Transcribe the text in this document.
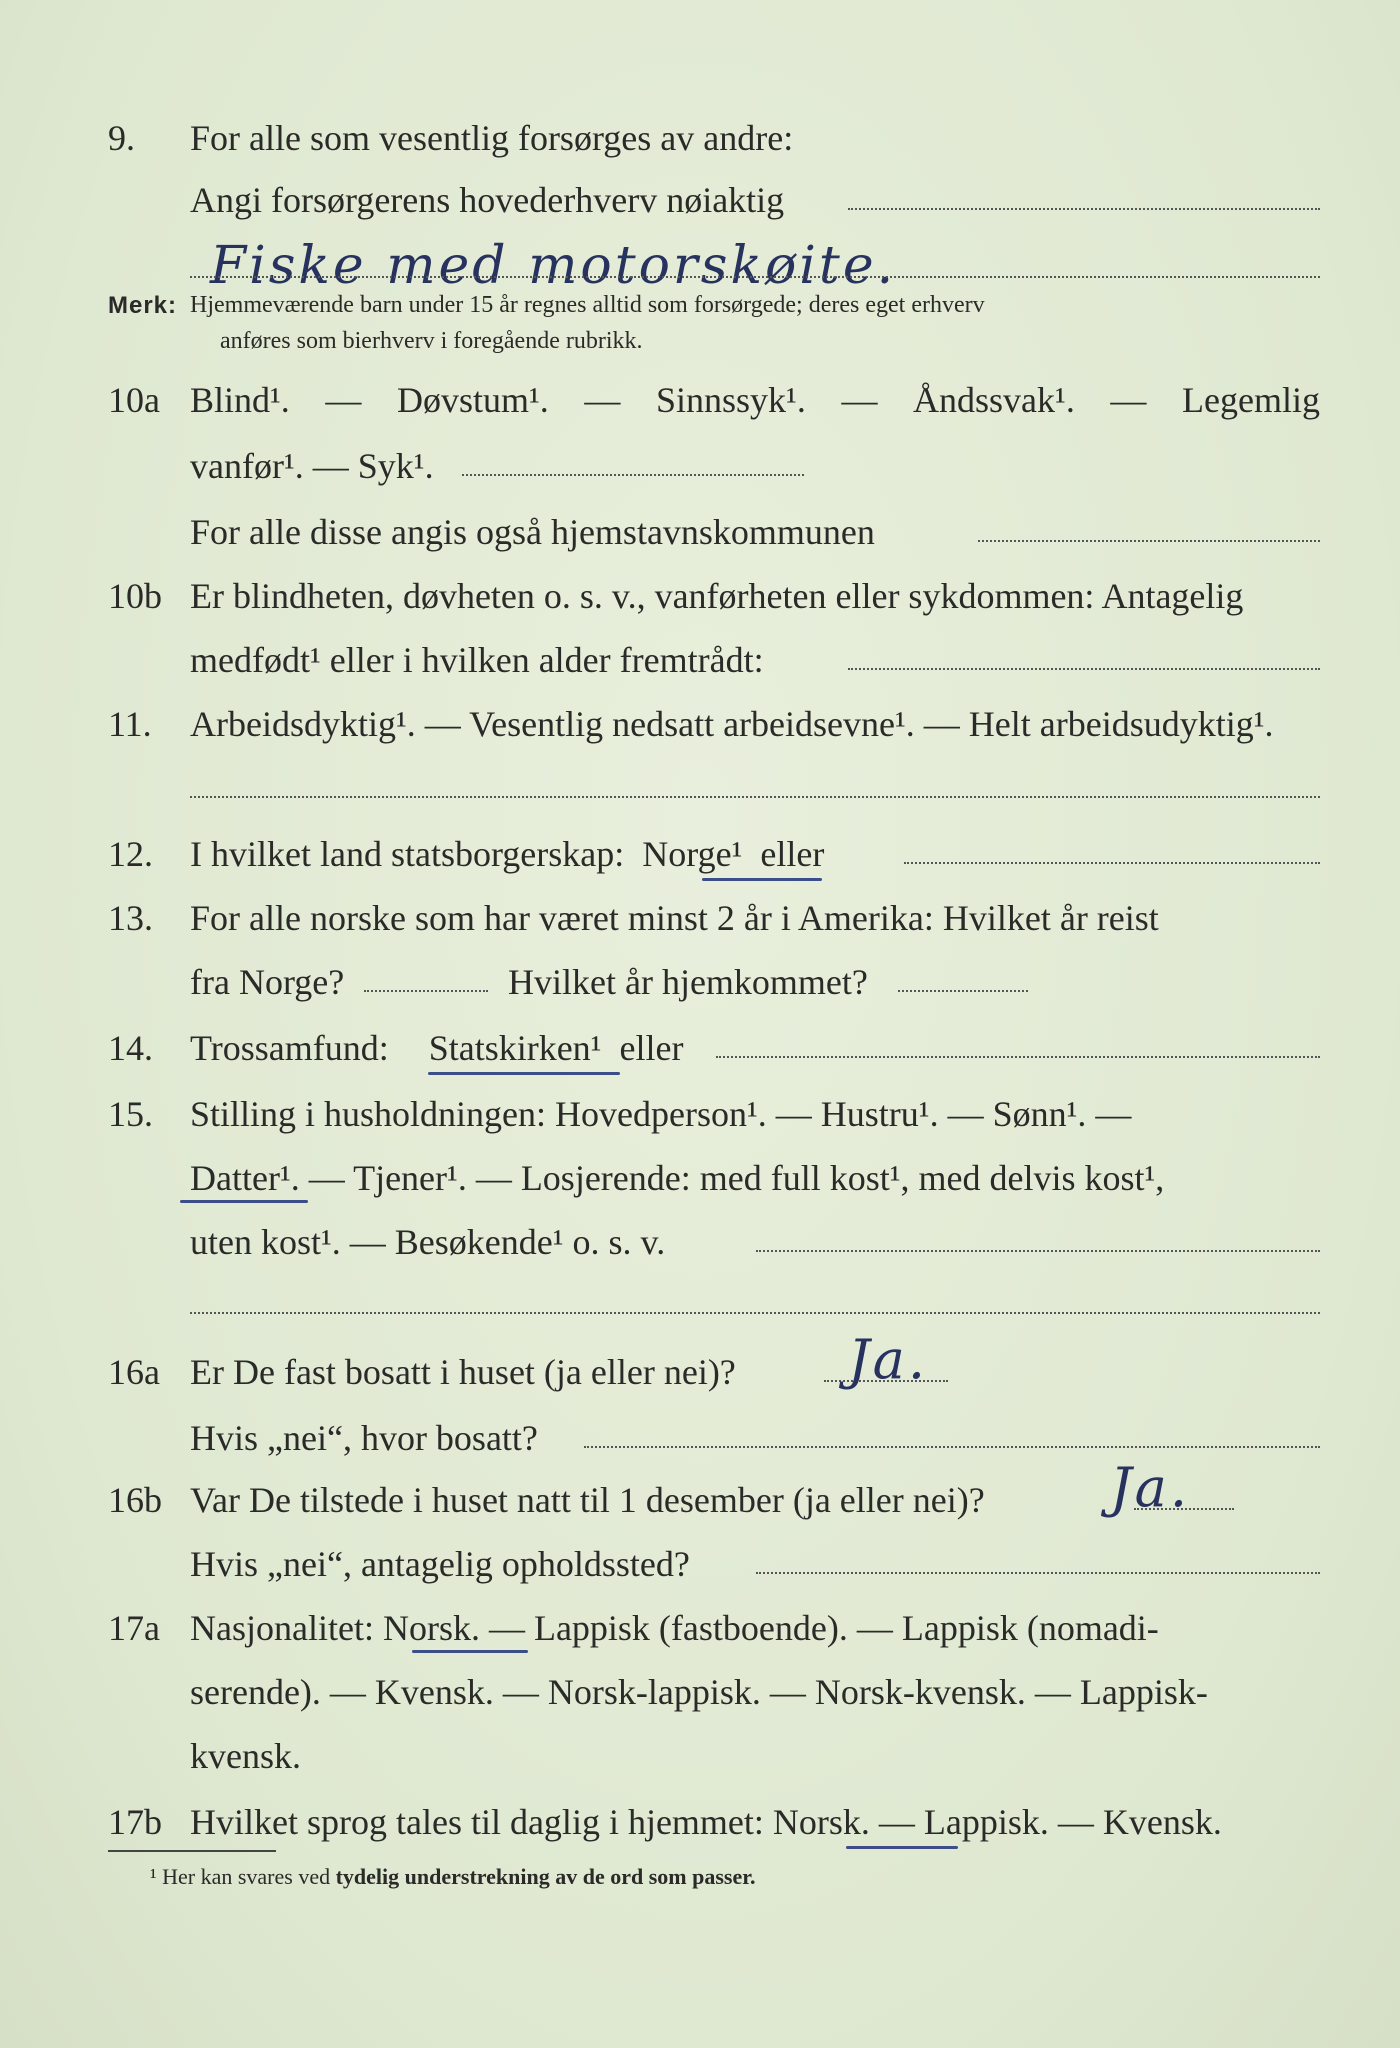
9. For alle som vesentlig forsørges av andre:
Angi forsørgerens hovederhverv nøiaktig
Fiske med motorskøite.
Merk: Hjemmeværende barn under 15 år regnes alltid som forsørgede; deres eget erhverv
anføres som bierhverv i foregående rubrikk.
10a Blind¹. — Døvstum¹. — Sinnssyk¹. — Åndssvak¹. — Legemlig
vanfør¹. — Syk¹.
For alle disse angis også hjemstavnskommunen
10b Er blindheten, døvheten o. s. v., vanførheten eller sykdommen: Antagelig
medfødt¹ eller i hvilken alder fremtrådt:
11. Arbeidsdyktig¹. — Vesentlig nedsatt arbeidsevne¹. — Helt arbeidsudyktig¹.
12. I hvilket land statsborgerskap: Norge¹ eller
13. For alle norske som har været minst 2 år i Amerika: Hvilket år reist
fra Norge?	Hvilket år hjemkommet?
14. Trossamfund: Statskirken¹ eller
15. Stilling i husholdningen: Hovedperson¹. — Hustru¹. — Sønn¹. —
Datter¹. — Tjener¹. — Losjerende: med full kost¹, med delvis kost¹,
uten kost¹. — Besøkende¹ o. s. v.
16a Er De fast bosatt i huset (ja eller nei)? Ja.
Hvis „nei“, hvor bosatt?
16b Var De tilstede i huset natt til 1 desember (ja eller nei)? Ja.
Hvis „nei“, antagelig opholdssted?
17a Nasjonalitet: Norsk. — Lappisk (fastboende). — Lappisk (nomadi-
serende). — Kvensk. — Norsk-lappisk. — Norsk-kvensk. — Lappisk-
kvensk.
17b Hvilket sprog tales til daglig i hjemmet: Norsk. — Lappisk. — Kvensk.
¹ Her kan svares ved tydelig understrekning av de ord som passer.
